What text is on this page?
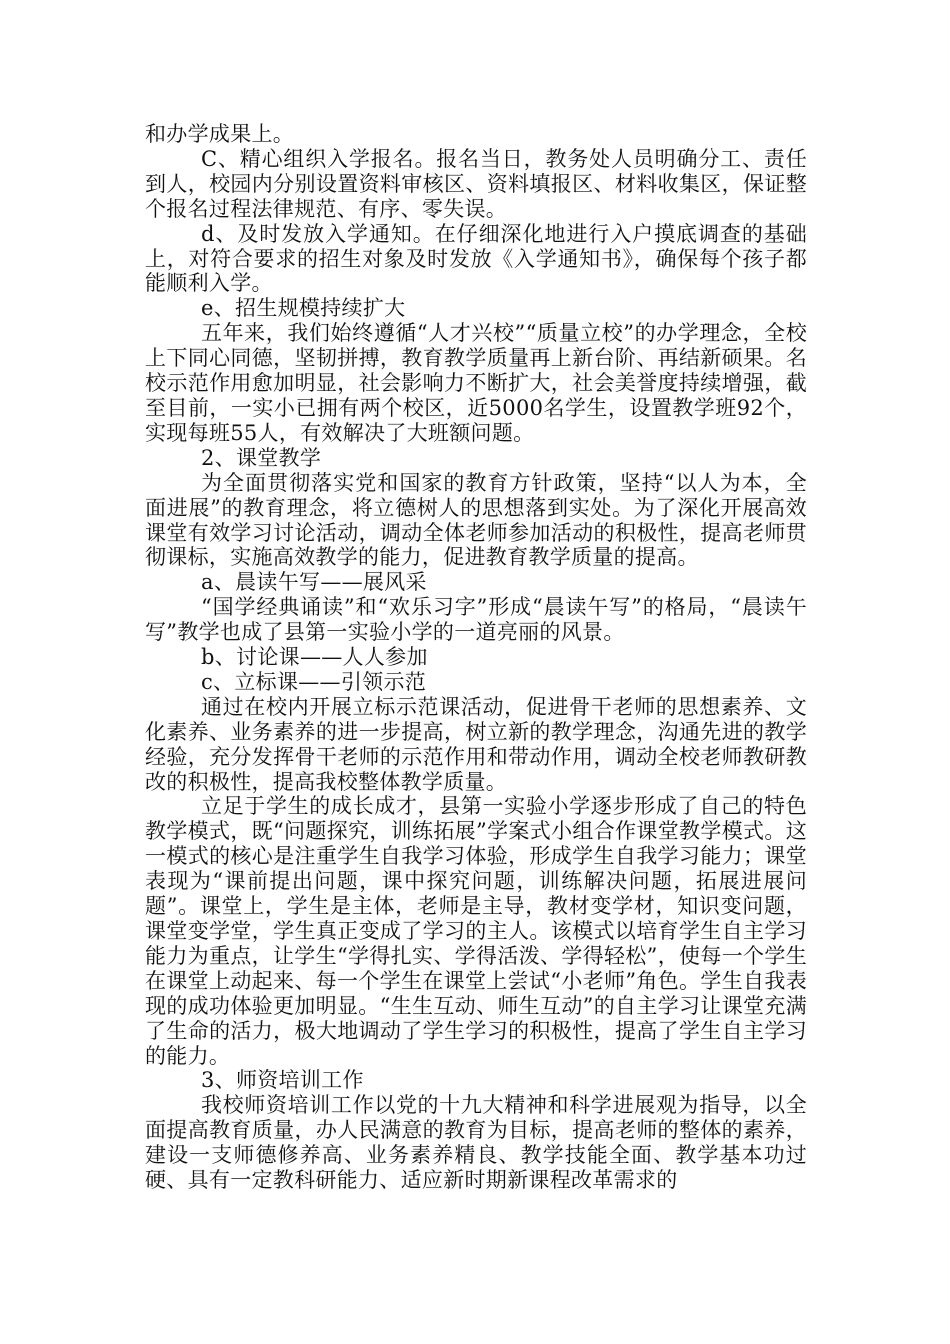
和办学成果上。

C、精心组织入学报名。报名当日，教务处人员明确分工、责任到人，校园内分别设置资料审核区、资料填报区、材料收集区，保证整个报名过程法律规范、有序、零失误。

d、及时发放入学通知。在仔细深化地进行入户摸底调查的基础上，对符合要求的招生对象及时发放《入学通知书》，确保每个孩子都能顺利入学。

e、招生规模持续扩大

五年来，我们始终遵循“人才兴校”“质量立校”的办学理念，全校上下同心同德，坚韧拼搏，教育教学质量再上新台阶、再结新硕果。名校示范作用愈加明显，社会影响力不断扩大，社会美誉度持续增强，截至目前，一实小已拥有两个校区，近5000名学生，设置教学班92个，实现每班55人，有效解决了大班额问题。

2、课堂教学

为全面贯彻落实党和国家的教育方针政策，坚持“以人为本，全面进展”的教育理念，将立德树人的思想落到实处。为了深化开展高效课堂有效学习讨论活动，调动全体老师参加活动的积极性，提高老师贯彻课标，实施高效教学的能力，促进教育教学质量的提高。

a、晨读午写——展风采

“国学经典诵读”和“欢乐习字”形成“晨读午写”的格局，“晨读午写”教学也成了县第一实验小学的一道亮丽的风景。

b、讨论课——人人参加

c、立标课——引领示范

通过在校内开展立标示范课活动，促进骨干老师的思想素养、文化素养、业务素养的进一步提高，树立新的教学理念，沟通先进的教学经验，充分发挥骨干老师的示范作用和带动作用，调动全校老师教研教改的积极性，提高我校整体教学质量。

立足于学生的成长成才，县第一实验小学逐步形成了自己的特色教学模式，既“问题探究，训练拓展”学案式小组合作课堂教学模式。这一模式的核心是注重学生自我学习体验，形成学生自我学习能力；课堂表现为“课前提出问题，课中探究问题，训练解决问题，拓展进展问题”。课堂上，学生是主体，老师是主导，教材变学材，知识变问题，课堂变学堂，学生真正变成了学习的主人。该模式以培育学生自主学习能力为重点，让学生“学得扎实、学得活泼、学得轻松”，使每一个学生在课堂上动起来、每一个学生在课堂上尝试“小老师”角色。学生自我表现的成功体验更加明显。“生生互动、师生互动”的自主学习让课堂充满了生命的活力，极大地调动了学生学习的积极性，提高了学生自主学习的能力。

3、师资培训工作

我校师资培训工作以党的十九大精神和科学进展观为指导，以全面提高教育质量，办人民满意的教育为目标，提高老师的整体的素养，建设一支师德修养高、业务素养精良、教学技能全面、教学基本功过硬、具有一定教科研能力、适应新时期新课程改革需求的
